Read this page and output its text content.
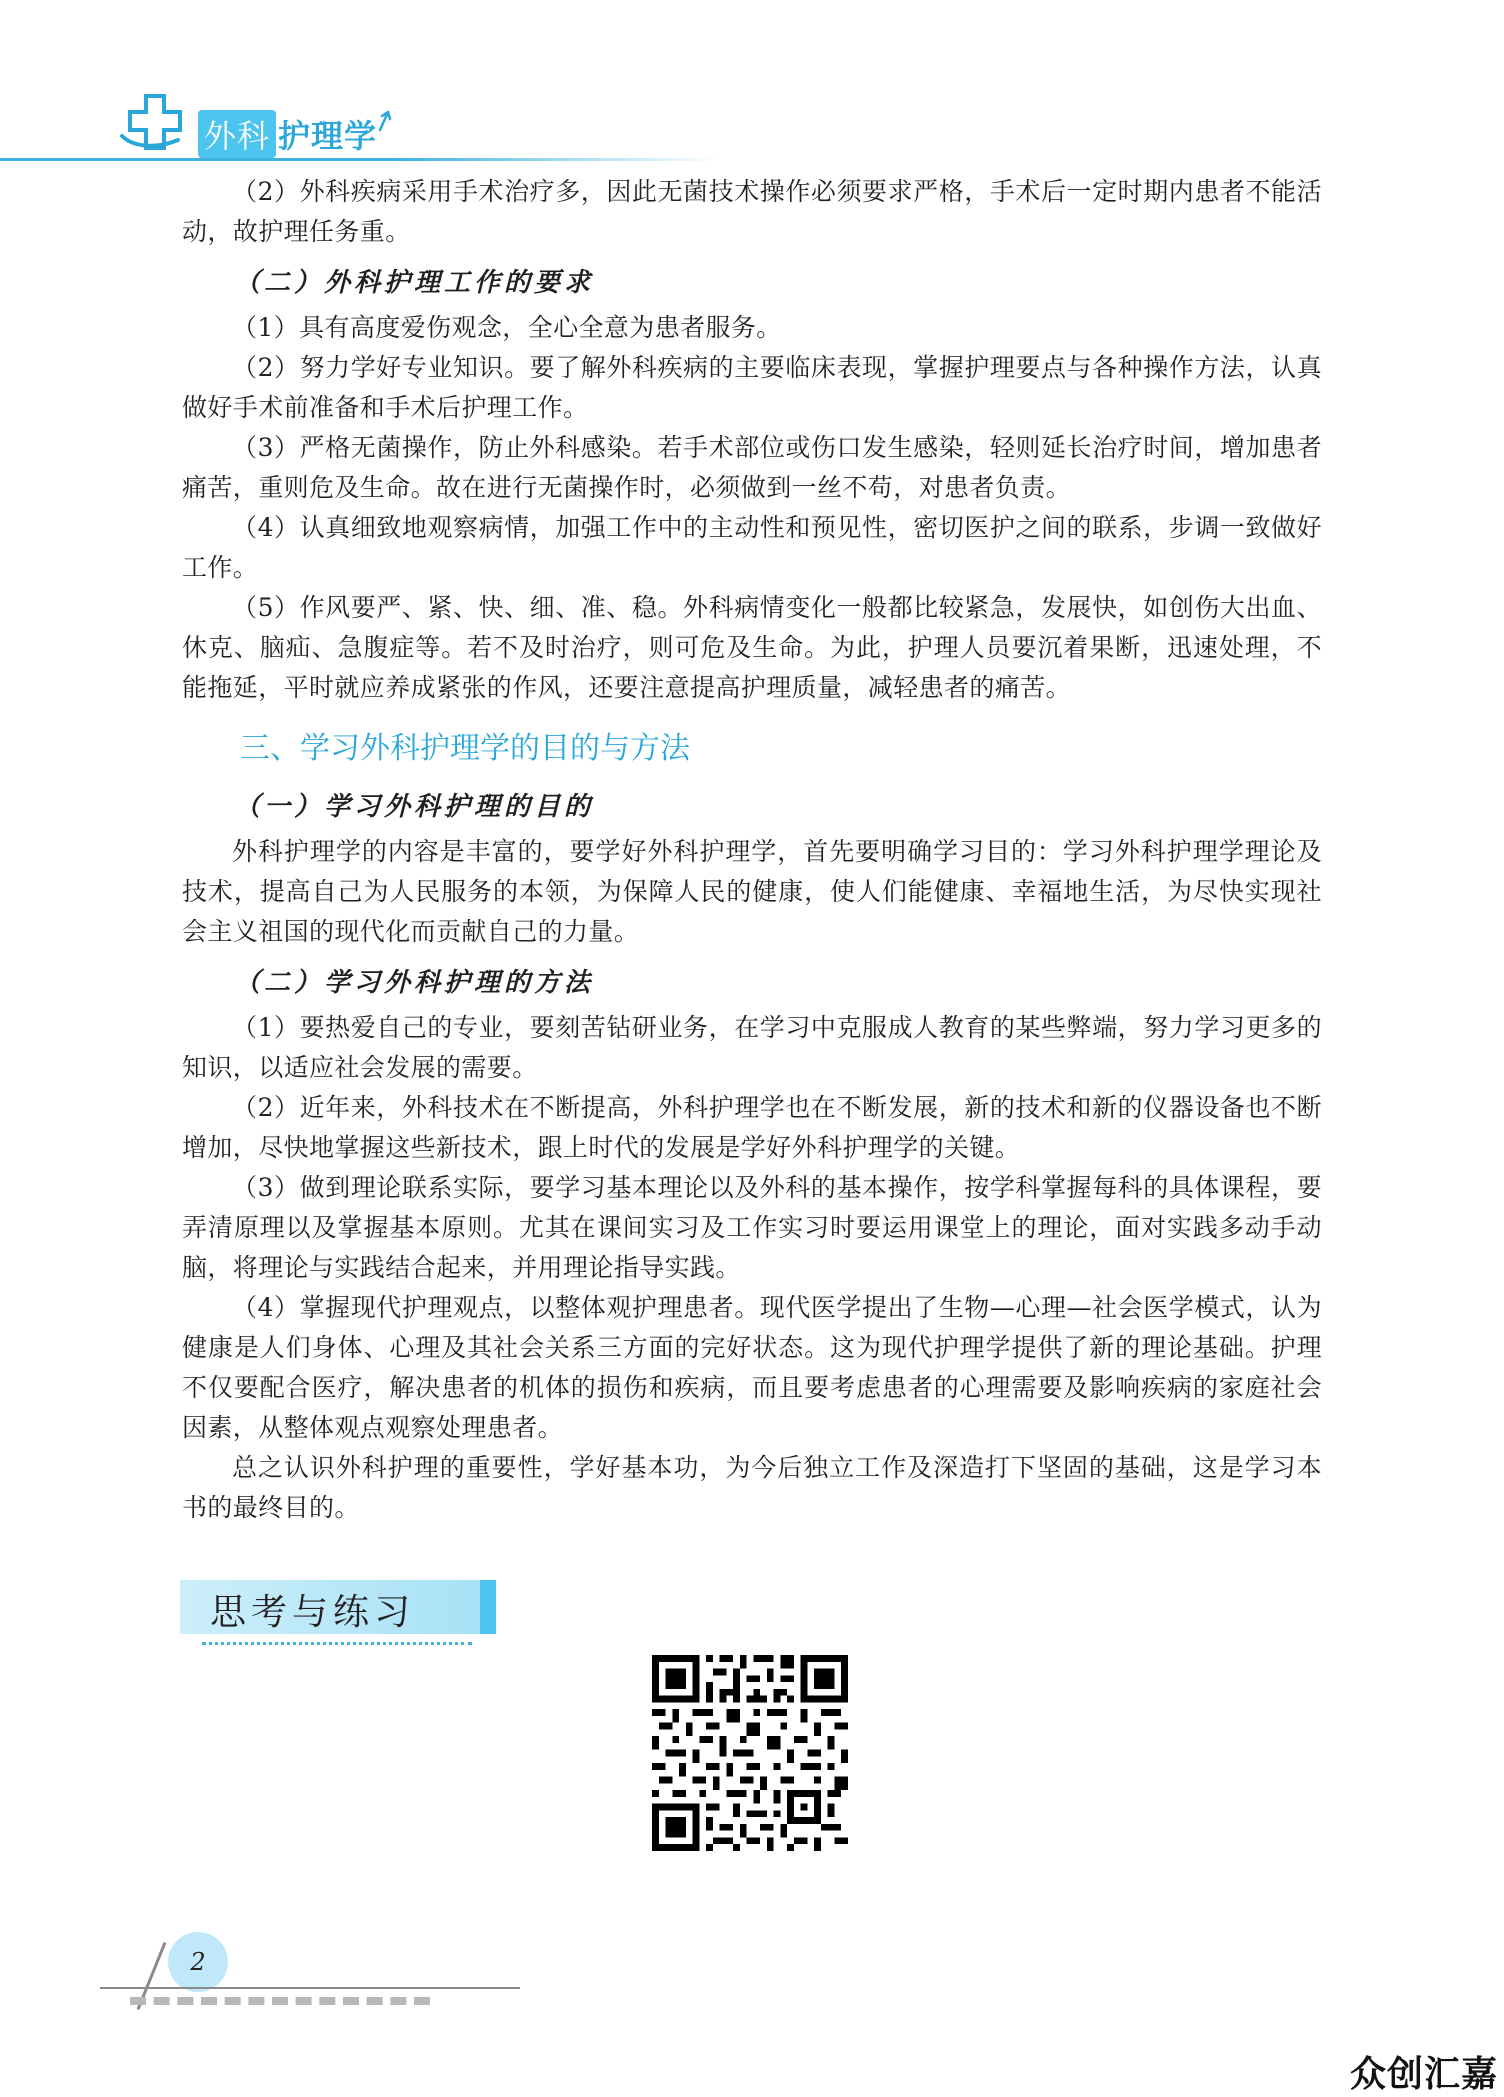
外科 护理学

（2）外科疾病采用手术治疗多，因此无菌技术操作必须要求严格，手术后一定时期内患者不能活动，故护理任务重。

（二）外科护理工作的要求

（1）具有高度爱伤观念，全心全意为患者服务。

（2）努力学好专业知识。要了解外科疾病的主要临床表现，掌握护理要点与各种操作方法，认真做好手术前准备和手术后护理工作。

（3）严格无菌操作，防止外科感染。若手术部位或伤口发生感染，轻则延长治疗时间，增加患者痛苦，重则危及生命。故在进行无菌操作时，必须做到一丝不苟，对患者负责。

（4）认真细致地观察病情，加强工作中的主动性和预见性，密切医护之间的联系，步调一致做好工作。

（5）作风要严、紧、快、细、准、稳。外科病情变化一般都比较紧急，发展快，如创伤大出血、休克、脑疝、急腹症等。若不及时治疗，则可危及生命。为此，护理人员要沉着果断，迅速处理，不能拖延，平时就应养成紧张的作风，还要注意提高护理质量，减轻患者的痛苦。

三、学习外科护理学的目的与方法

（一）学习外科护理的目的

外科护理学的内容是丰富的，要学好外科护理学，首先要明确学习目的：学习外科护理学理论及技术，提高自己为人民服务的本领，为保障人民的健康，使人们能健康、幸福地生活，为尽快实现社会主义祖国的现代化而贡献自己的力量。

（二）学习外科护理的方法

（1）要热爱自己的专业，要刻苦钻研业务，在学习中克服成人教育的某些弊端，努力学习更多的知识，以适应社会发展的需要。

（2）近年来，外科技术在不断提高，外科护理学也在不断发展，新的技术和新的仪器设备也不断增加，尽快地掌握这些新技术，跟上时代的发展是学好外科护理学的关键。

（3）做到理论联系实际，要学习基本理论以及外科的基本操作，按学科掌握每科的具体课程，要弄清原理以及掌握基本原则。尤其在课间实习及工作实习时要运用课堂上的理论，面对实践多动手动脑，将理论与实践结合起来，并用理论指导实践。

（4）掌握现代护理观点，以整体观护理患者。现代医学提出了生物—心理—社会医学模式，认为健康是人们身体、心理及其社会关系三方面的完好状态。这为现代护理学提供了新的理论基础。护理不仅要配合医疗，解决患者的机体的损伤和疾病，而且要考虑患者的心理需要及影响疾病的家庭社会因素，从整体观点观察处理患者。

总之认识外科护理的重要性，学好基本功，为今后独立工作及深造打下坚固的基础，这是学习本书的最终目的。

思考与练习
2
众创汇嘉
